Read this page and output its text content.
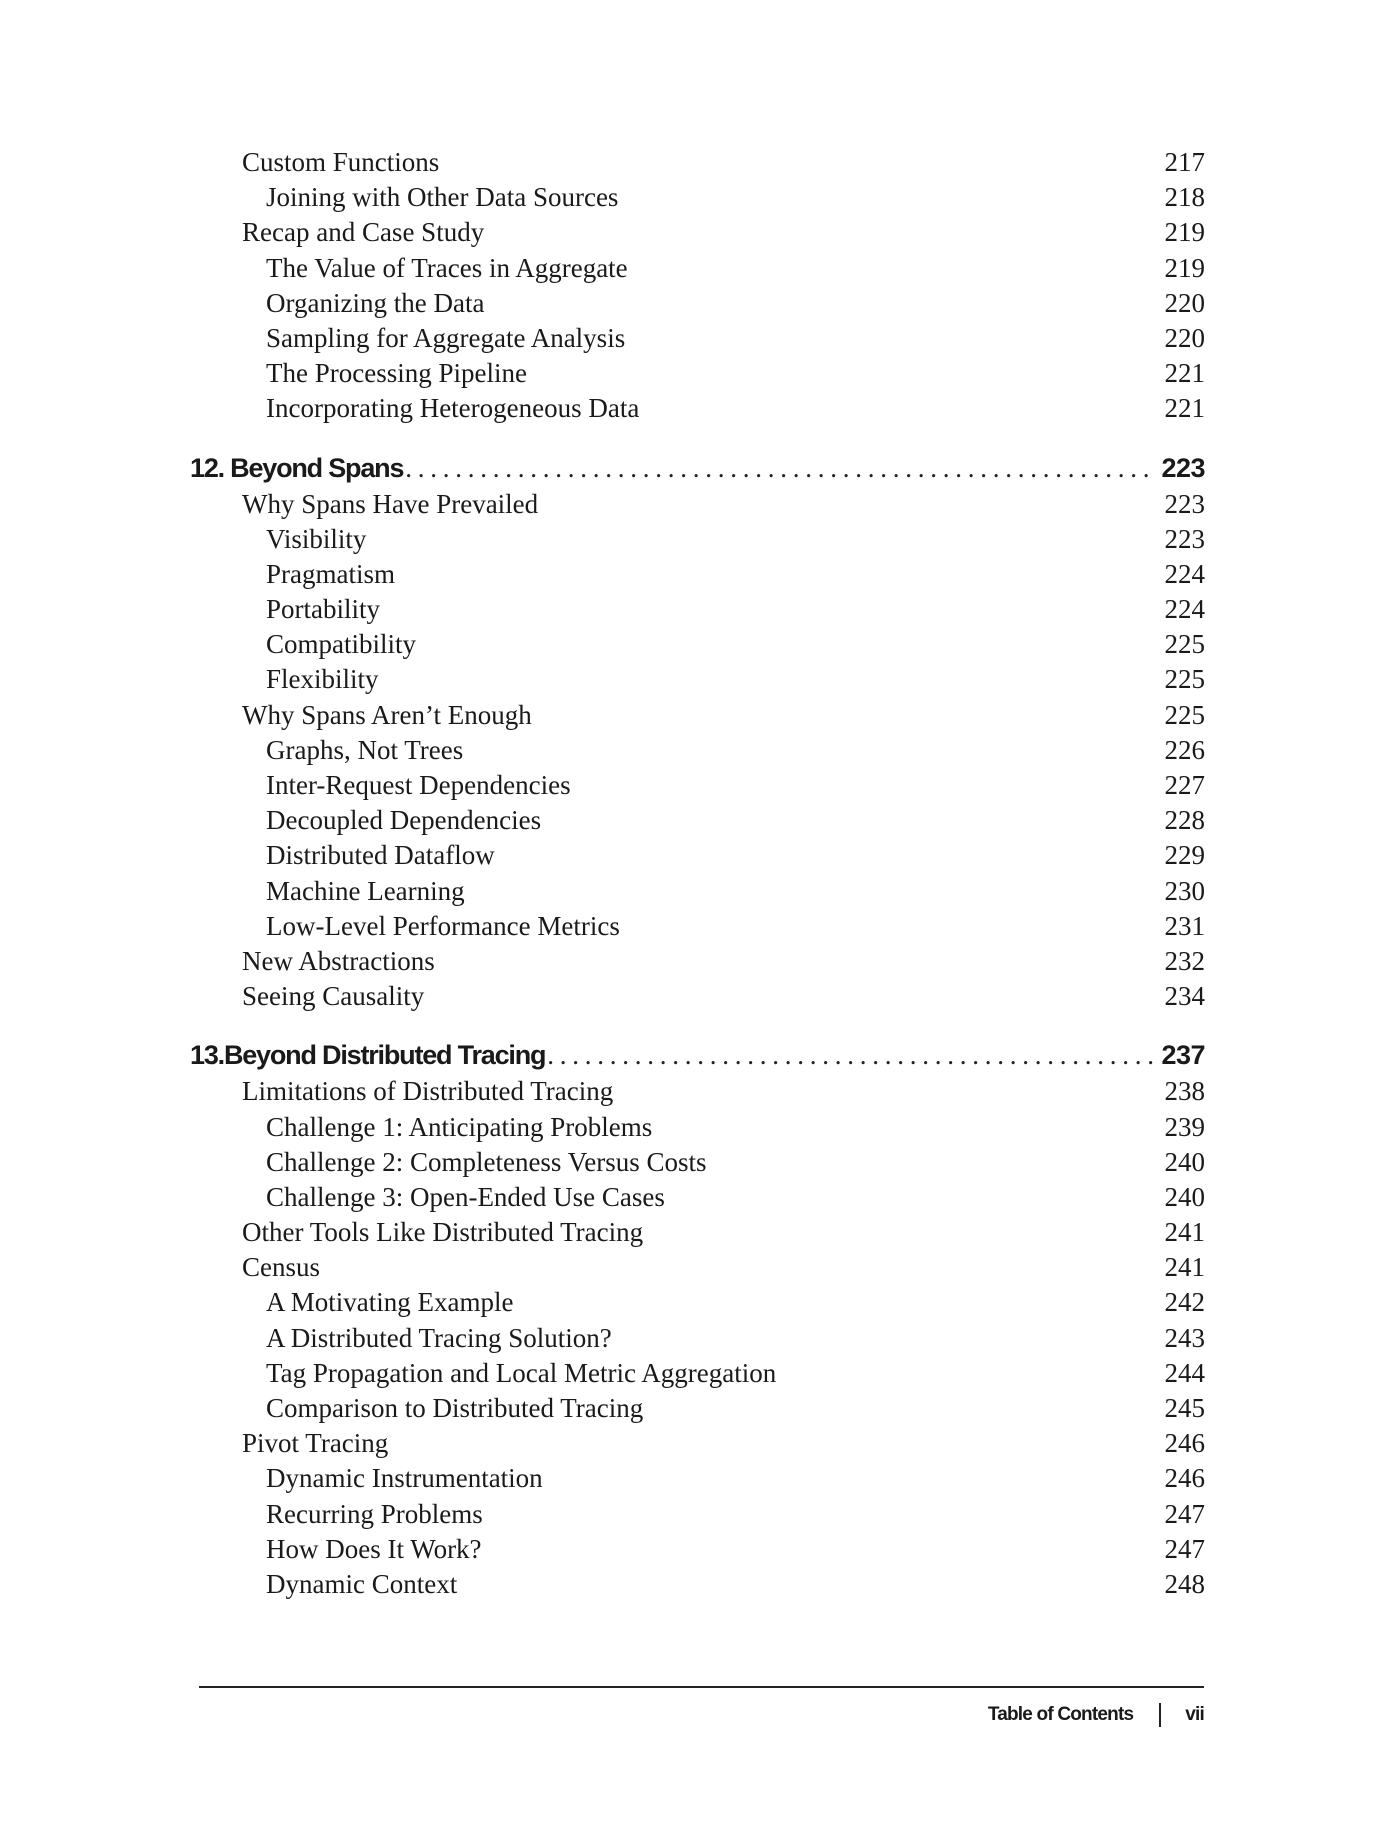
Custom Functions	217
Joining with Other Data Sources	218
Recap and Case Study	219
The Value of Traces in Aggregate	219
Organizing the Data	220
Sampling for Aggregate Analysis	220
The Processing Pipeline	221
Incorporating Heterogeneous Data	221
12. Beyond Spans . . .	223
Why Spans Have Prevailed	223
Visibility	223
Pragmatism	224
Portability	224
Compatibility	225
Flexibility	225
Why Spans Aren’t Enough	225
Graphs, Not Trees	226
Inter-Request Dependencies	227
Decoupled Dependencies	228
Distributed Dataflow	229
Machine Learning	230
Low-Level Performance Metrics	231
New Abstractions	232
Seeing Causality	234
13. Beyond Distributed Tracing . . .	237
Limitations of Distributed Tracing	238
Challenge 1: Anticipating Problems	239
Challenge 2: Completeness Versus Costs	240
Challenge 3: Open-Ended Use Cases	240
Other Tools Like Distributed Tracing	241
Census	241
A Motivating Example	242
A Distributed Tracing Solution?	243
Tag Propagation and Local Metric Aggregation	244
Comparison to Distributed Tracing	245
Pivot Tracing	246
Dynamic Instrumentation	246
Recurring Problems	247
How Does It Work?	247
Dynamic Context	248
Table of Contents	vii
